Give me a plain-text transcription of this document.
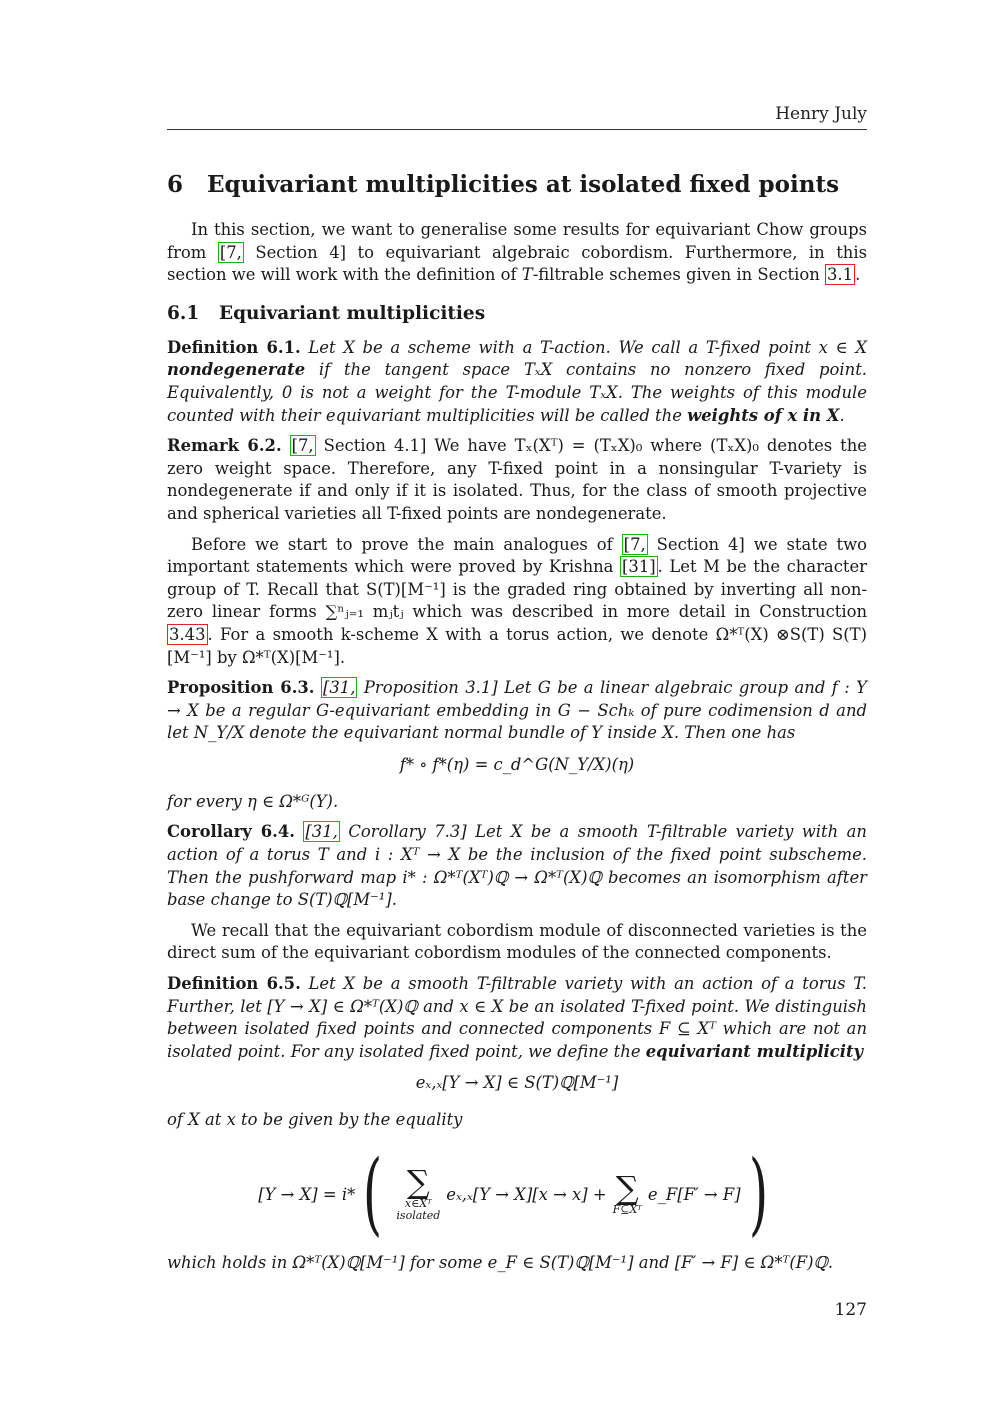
Henry July
6 Equivariant multiplicities at isolated fixed points

In this section, we want to generalise some results for equivariant Chow groups from [7, Section 4] to equivariant algebraic cobordism. Furthermore, in this section we will work with the definition of T-filtrable schemes given in Section 3.1 .

6.1 Equivariant multiplicities

Definition 6.1. Let X be a scheme with a T-action. We call a T-fixed point x ∈ X nondegenerate if the tangent space TₓX contains no nonzero fixed point. Equivalently, 0 is not a weight for the T-module TₓX. The weights of this module counted with their equivariant multiplicities will be called the weights of x in X.

Remark 6.2. [7, Section 4.1] We have Tₓ(Xᵀ) = (TₓX)₀ where (TₓX)₀ denotes the zero weight space. Therefore, any T-fixed point in a nonsingular T-variety is nondegenerate if and only if it is isolated. Thus, for the class of smooth projective and spherical varieties all T-fixed points are nondegenerate.

Before we start to prove the main analogues of [7, Section 4] we state two important statements which were proved by Krishna [31] . Let M be the character group of T. Recall that S(T)[M⁻¹] is the graded ring obtained by inverting all non-zero linear forms ∑ⁿⱼ₌₁ mⱼtⱼ which was described in more detail in Construction 3.43 . For a smooth k-scheme X with a torus action, we denote Ω*ᵀ(X) ⊗S(T) S(T)[M⁻¹] by Ω*ᵀ(X)[M⁻¹].

Proposition 6.3. [31, Proposition 3.1] Let G be a linear algebraic group and f : Y → X be a regular G-equivariant embedding in G − Schₖ of pure codimension d and let N_Y/X denote the equivariant normal bundle of Y inside X. Then one has

f* ∘ f*(η) = c_d^G(N_Y/X)(η)

for every η ∈ Ω*ᴳ(Y).

Corollary 6.4. [31, Corollary 7.3] Let X be a smooth T-filtrable variety with an action of a torus T and i : Xᵀ → X be the inclusion of the fixed point subscheme. Then the pushforward map i* : Ω*ᵀ(Xᵀ)ℚ → Ω*ᵀ(X)ℚ becomes an isomorphism after base change to S(T)ℚ[M⁻¹].

We recall that the equivariant cobordism module of disconnected varieties is the direct sum of the equivariant cobordism modules of the connected components.

Definition 6.5. Let X be a smooth T-filtrable variety with an action of a torus T. Further, let [Y → X] ∈ Ω*ᵀ(X)ℚ and x ∈ X be an isolated T-fixed point. We distinguish between isolated fixed points and connected components F ⊆ Xᵀ which are not an isolated point. For any isolated fixed point, we define the equivariant multiplicity

eₓ,ₓ[Y → X] ∈ S(T)ℚ[M⁻¹]

of X at x to be given by the equality

[Y → X] = i* ( ∑
x∈Xᵀ
isolated
eₓ,ₓ[Y → X][x → x] + ∑
F⊆Xᵀ
e_F[F′ → F] )

which holds in Ω*ᵀ(X)ℚ[M⁻¹] for some e_F ∈ S(T)ℚ[M⁻¹] and [F′ → F] ∈ Ω*ᵀ(F)ℚ.

127
